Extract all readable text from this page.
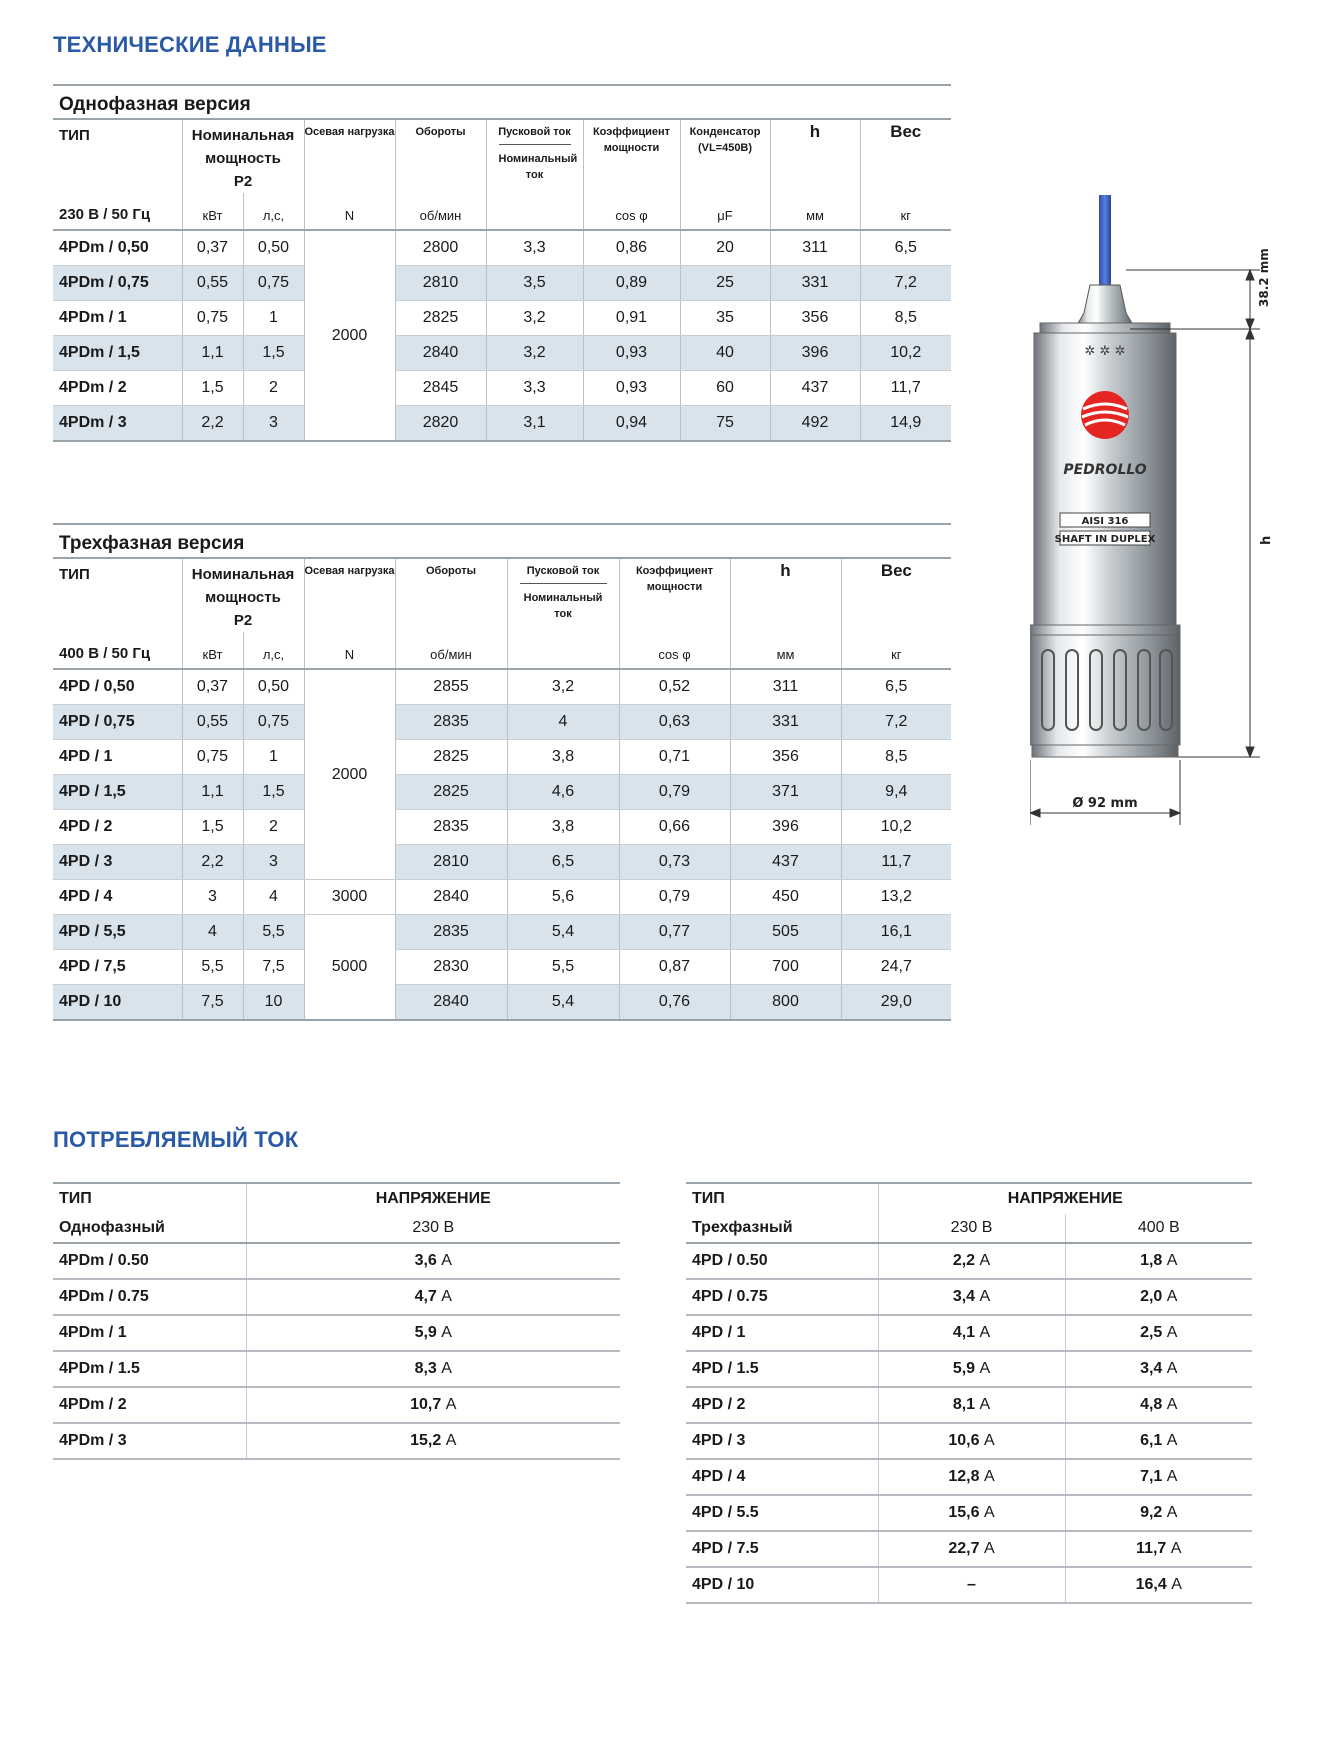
ТЕХНИЧЕСКИЕ ДАННЫЕ
Однофазная версия									
ТИП	Номинальная мощность
P2		Осевая нагрузка	Обороты	Пусковой ток
Номинальный ток	Коэффициент мощности	Конденсатор (VL=450B)	h	Вес
230 В / 50 Гц	кВт	л,с,	N	об/мин		cos φ	μF	мм	кг
4PDm / 0,50	0,37	0,50	2000	2800	3,3	0,86	20	311	6,5
4PDm / 0,75	0,55	0,75		2810	3,5	0,89	25	331	7,2
4PDm / 1	0,75	1		2825	3,2	0,91	35	356	8,5
4PDm / 1,5	1,1	1,5		2840	3,2	0,93	40	396	10,2
4PDm / 2	1,5	2		2845	3,3	0,93	60	437	11,7
4PDm / 3	2,2	3		2820	3,1	0,94	75	492	14,9
Трехфазная версия								
ТИП	Номинальная мощность
P2		Осевая нагрузка	Обороты	Пусковой ток
Номинальный ток	Коэффициент мощности	h	Вес
400 В / 50 Гц	кВт	л,с,	N	об/мин		cos φ	мм	кг
4PD / 0,50	0,37	0,50	2000	2855	3,2	0,52	311	6,5
4PD / 0,75	0,55	0,75		2835	4	0,63	331	7,2
4PD / 1	0,75	1		2825	3,8	0,71	356	8,5
4PD / 1,5	1,1	1,5		2825	4,6	0,79	371	9,4
4PD / 2	1,5	2		2835	3,8	0,66	396	10,2
4PD / 3	2,2	3		2810	6,5	0,73	437	11,7
4PD / 4	3	4	3000	2840	5,6	0,79	450	13,2
4PD / 5,5	4	5,5	5000	2835	5,4	0,77	505	16,1
4PD / 7,5	5,5	7,5		2830	5,5	0,87	700	24,7
4PD / 10	7,5	10		2840	5,4	0,76	800	29,0
✲ ✲ ✲
PEDROLLO
AISI 316
SHAFT IN DUPLEX
38.2 mm
h
Ø 92 mm
ПОТРЕБЛЯЕМЫЙ ТОК
ТИП	НАПРЯЖЕНИЕ
Однофазный	230 В
4PDm / 0.50	3,6 А
4PDm / 0.75	4,7 А
4PDm / 1	5,9 А
4PDm / 1.5	8,3 А
4PDm / 2	10,7 А
4PDm / 3	15,2 А
ТИП	НАПРЯЖЕНИЕ	
Трехфазный	230 В	400 В
4PD / 0.50	2,2 А	1,8 А
4PD / 0.75	3,4 А	2,0 А
4PD / 1	4,1 А	2,5 А
4PD / 1.5	5,9 А	3,4 А
4PD / 2	8,1 А	4,8 А
4PD / 3	10,6 А	6,1 А
4PD / 4	12,8 А	7,1 А
4PD / 5.5	15,6 А	9,2 А
4PD / 7.5	22,7 А	11,7 А
4PD / 10	–	16,4 А
